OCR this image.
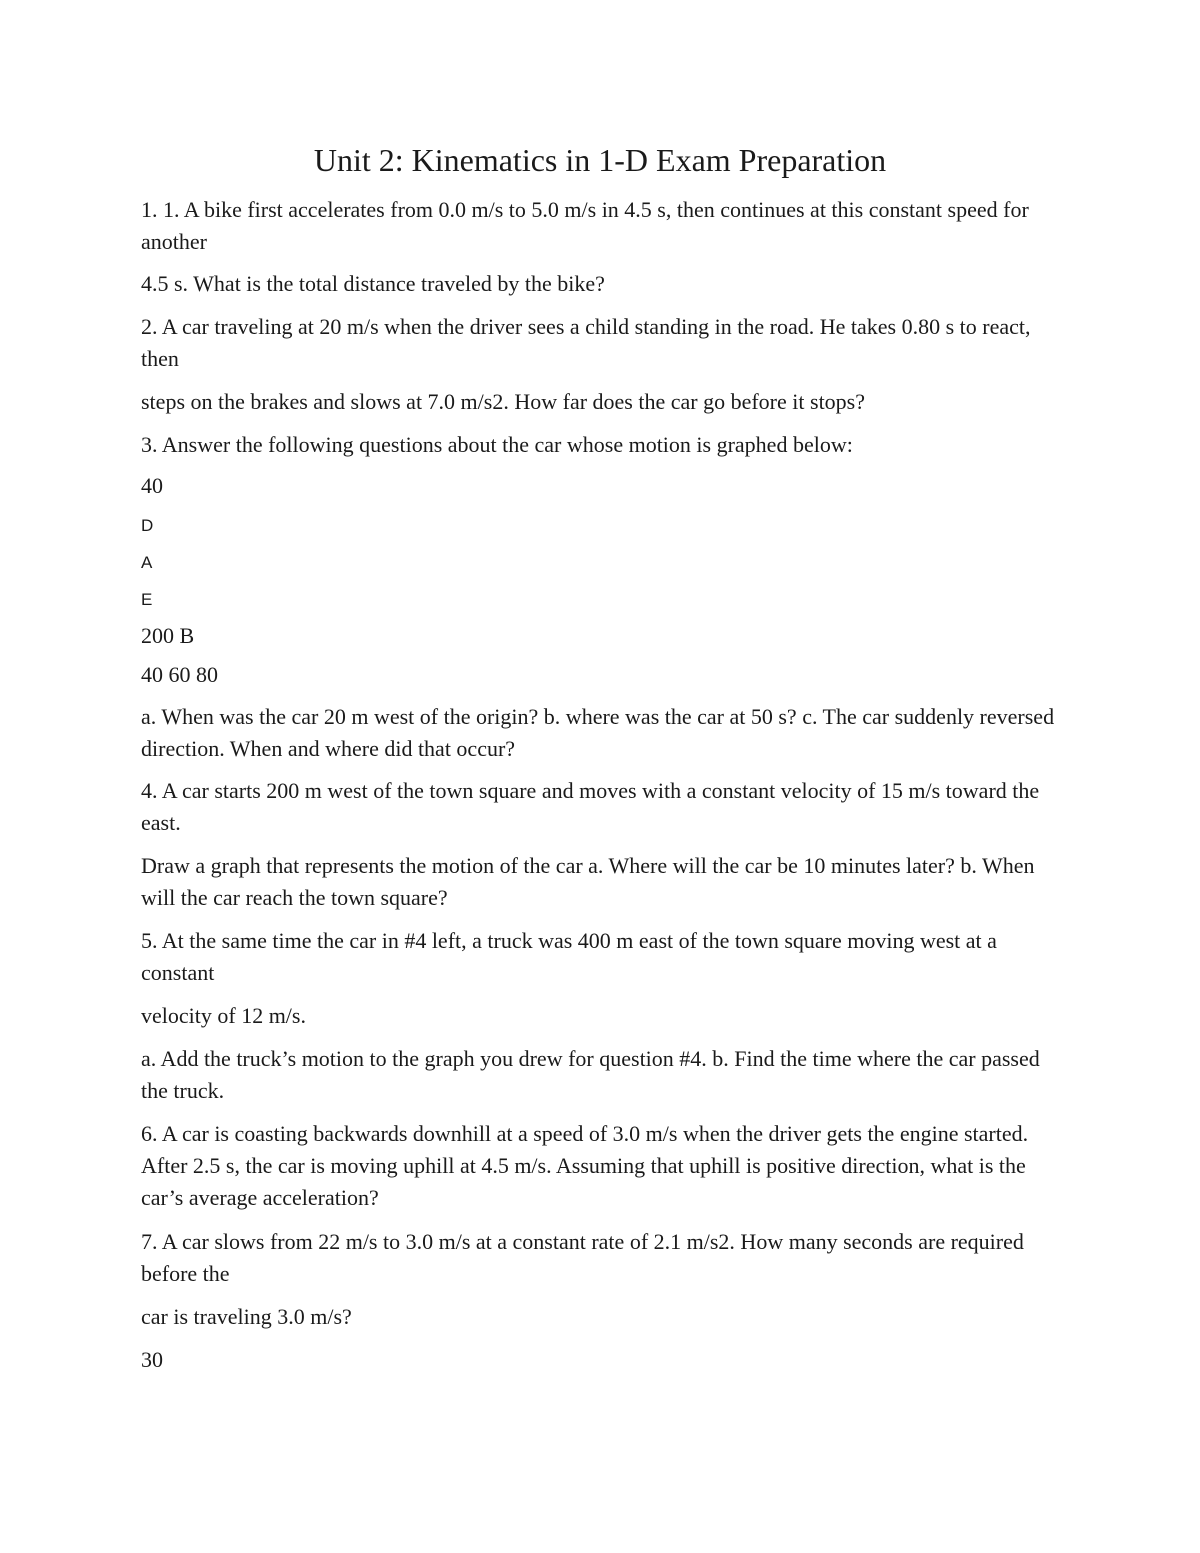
Unit 2: Kinematics in 1-D Exam Preparation

1. 1. A bike first accelerates from 0.0 m/s to 5.0 m/s in 4.5 s, then continues at this constant speed for another

4.5 s. What is the total distance traveled by the bike?

2. A car traveling at 20 m/s when the driver sees a child standing in the road. He takes 0.80 s to react, then

steps on the brakes and slows at 7.0 m/s2. How far does the car go before it stops?

3. Answer the following questions about the car whose motion is graphed below:

40

D

A

E

200 B

40 60 80

a. When was the car 20 m west of the origin? b. where was the car at 50 s? c. The car suddenly reversed direction. When and where did that occur?

4. A car starts 200 m west of the town square and moves with a constant velocity of 15 m/s toward the east.

Draw a graph that represents the motion of the car a. Where will the car be 10 minutes later? b. When will the car reach the town square?

5. At the same time the car in #4 left, a truck was 400 m east of the town square moving west at a constant

velocity of 12 m/s.

a. Add the truck’s motion to the graph you drew for question #4. b. Find the time where the car passed the truck.

6. A car is coasting backwards downhill at a speed of 3.0 m/s when the driver gets the engine started. After 2.5 s, the car is moving uphill at 4.5 m/s. Assuming that uphill is positive direction, what is the car’s average acceleration?

7. A car slows from 22 m/s to 3.0 m/s at a constant rate of 2.1 m/s2. How many seconds are required before the

car is traveling 3.0 m/s?

30
